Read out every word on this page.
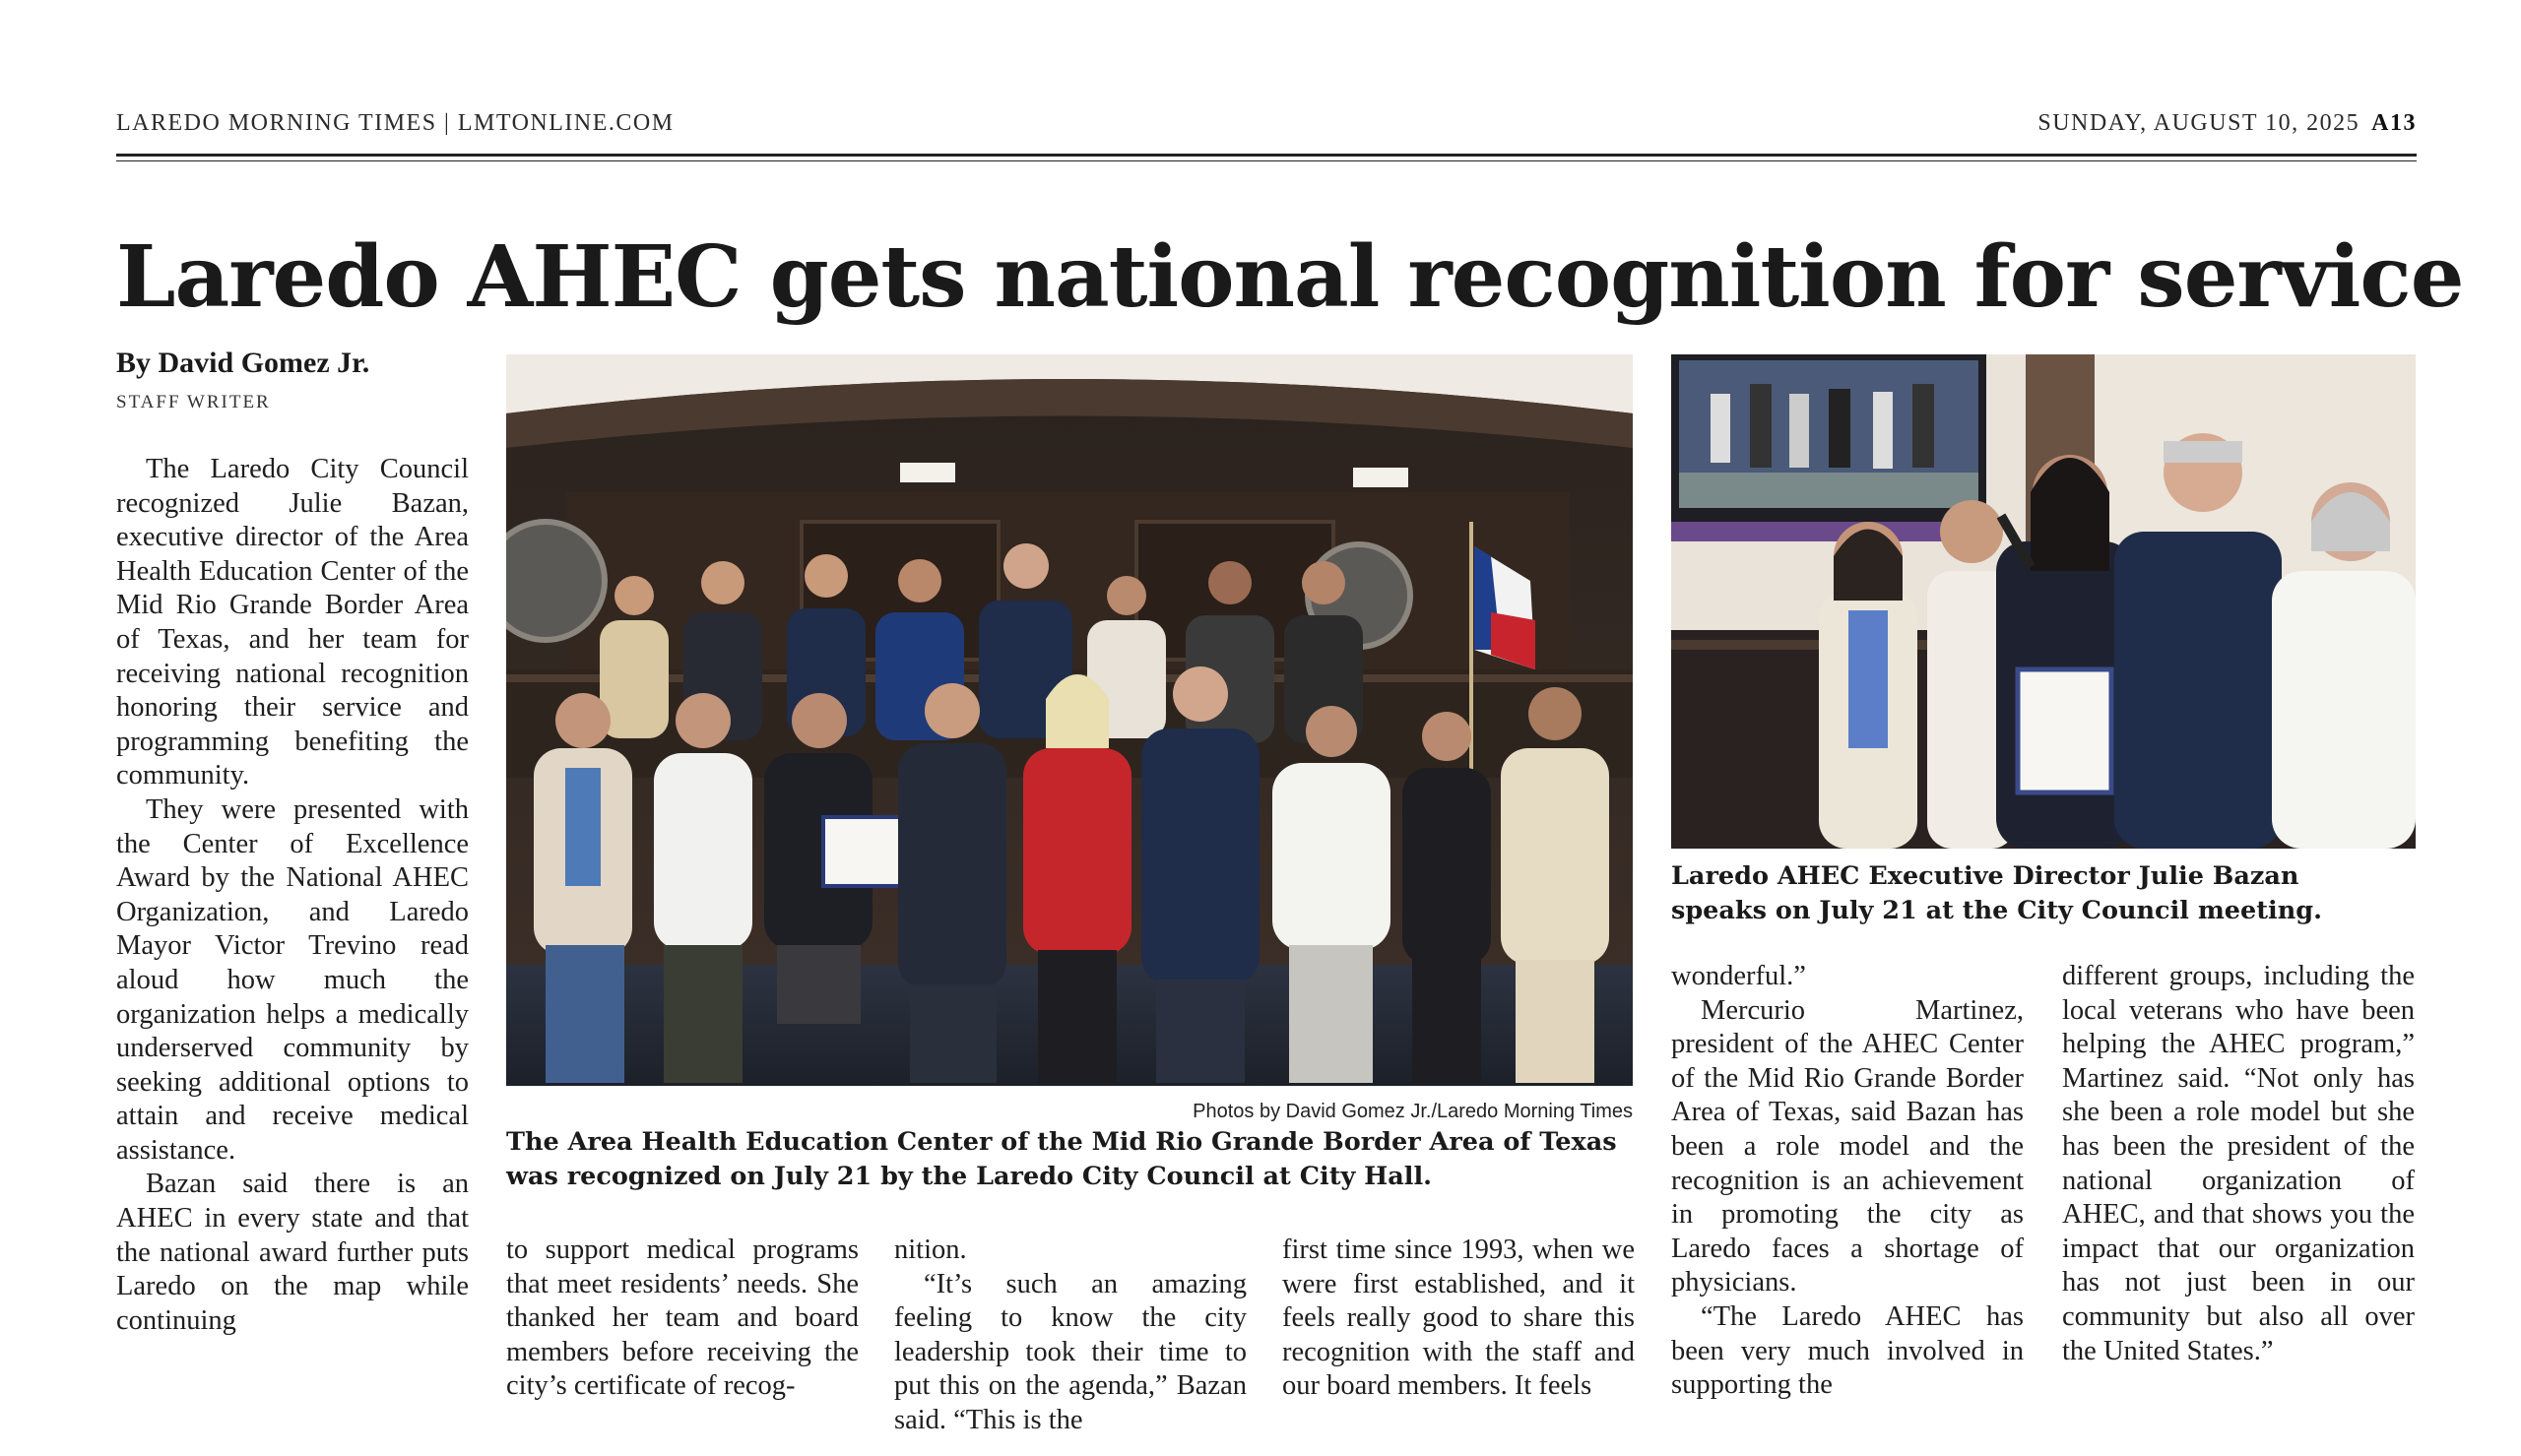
LAREDO MORNING TIMES | LMTONLINE.COM	SUNDAY, AUGUST 10, 2025 A13
Laredo AHEC gets national recognition for service
By David Gomez Jr.
STAFF WRITER

The Laredo City Council recognized Julie Bazan, executive director of the Area Health Education Center of the Mid Rio Grande Border Area of Texas, and her team for receiving national recognition honoring their service and programming benefiting the community.

They were presented with the Center of Excellence Award by the National AHEC Organization, and Laredo Mayor Victor Trevino read aloud how much the organization helps a medically underserved community by seeking additional options to attain and receive medical assistance.

Bazan said there is an AHEC in every state and that the national award further puts Laredo on the map while continuing

Photos by David Gomez Jr./Laredo Morning Times
The Area Health Education Center of the Mid Rio Grande Border Area of Texas was recognized on July 21 by the Laredo City Council at City Hall.
Laredo AHEC Executive Director Julie Bazan speaks on July 21 at the City Council meeting.

to support medical programs that meet residents’ needs. She thanked her team and board members before receiving the city’s certificate of recog-

nition.

“It’s such an amazing feeling to know the city leadership took their time to put this on the agenda,” Bazan said. “This is the

first time since 1993, when we were first established, and it feels really good to share this recognition with the staff and our board members. It feels

wonderful.”

Mercurio Martinez, president of the AHEC Center of the Mid Rio Grande Border Area of Texas, said Bazan has been a role model and the recognition is an achievement in promoting the city as Laredo faces a shortage of physicians.

“The Laredo AHEC has been very much involved in supporting the

different groups, including the local veterans who have been helping the AHEC program,” Martinez said. “Not only has she been a role model but she has been the president of the national organization of AHEC, and that shows you the impact that our organization has not just been in our community but also all over the United States.”
